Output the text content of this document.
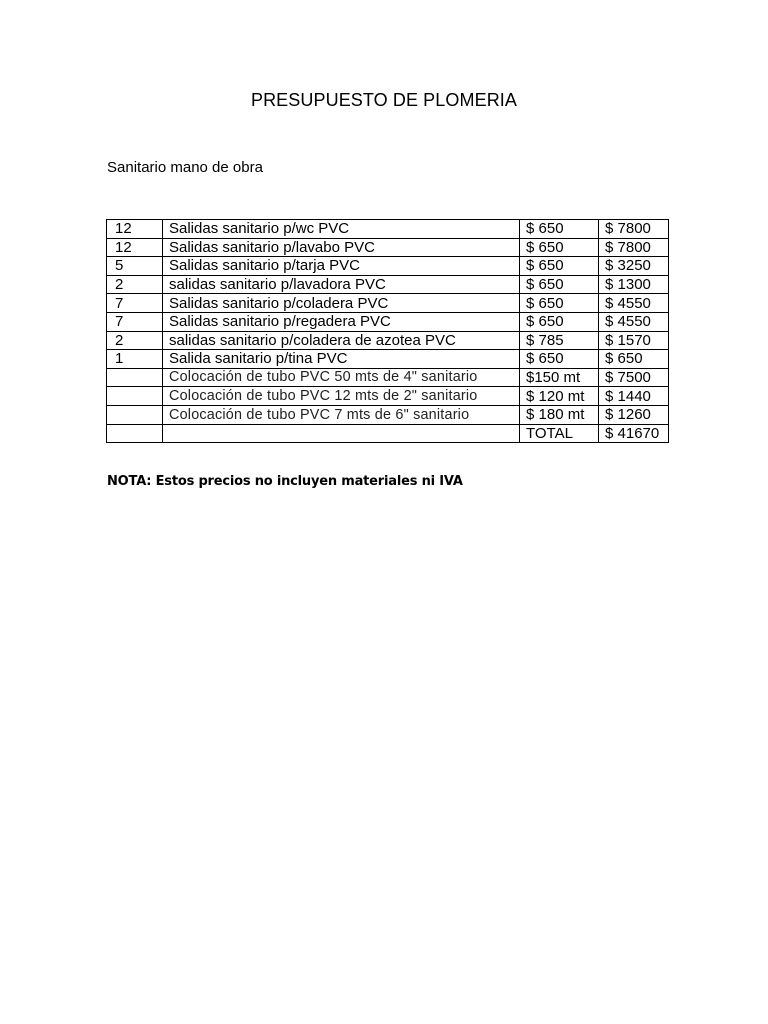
PRESUPUESTO DE PLOMERIA
Sanitario mano de obra
12	Salidas sanitario p/wc PVC	$ 650	$ 7800
12	Salidas sanitario p/lavabo PVC	$ 650	$ 7800
5	Salidas sanitario p/tarja PVC	$ 650	$ 3250
2	salidas sanitario p/lavadora PVC	$ 650	$ 1300
7	Salidas sanitario p/coladera PVC	$ 650	$ 4550
7	Salidas sanitario p/regadera PVC	$ 650	$ 4550
2	salidas sanitario p/coladera de azotea PVC	$ 785	$ 1570
1	Salida sanitario p/tina PVC	$ 650	$ 650
	Colocación de tubo PVC 50 mts de 4" sanitario	$150 mt	$ 7500
	Colocación de tubo PVC 12 mts de 2" sanitario	$ 120 mt	$ 1440
	Colocación de tubo PVC 7 mts de 6" sanitario	$ 180 mt	$ 1260
		TOTAL	$ 41670
NOTA: Estos precios no incluyen materiales ni IVA
